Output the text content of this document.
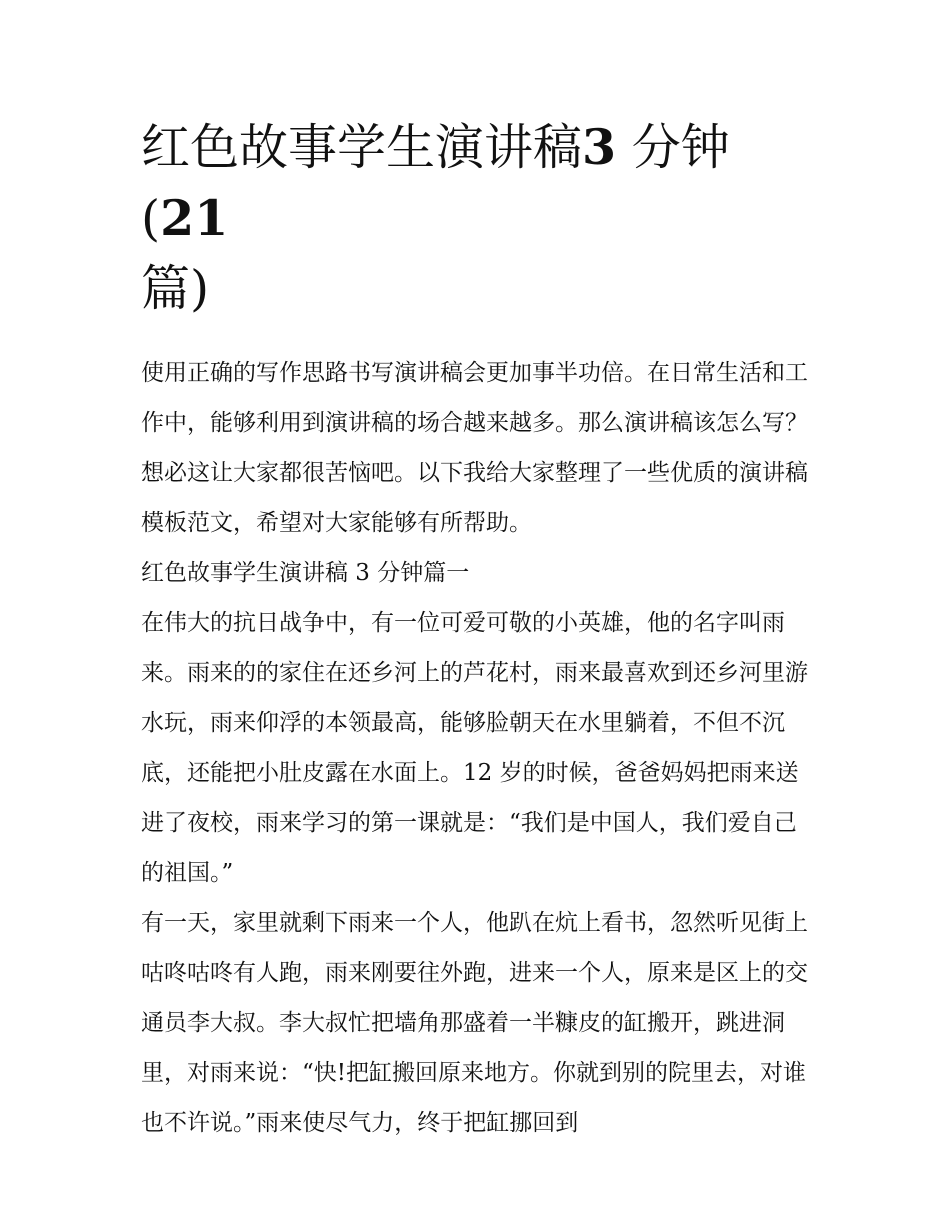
红色故事学生演讲稿3 分钟(21
篇)

使用正确的写作思路书写演讲稿会更加事半功倍。在日常生活和工作中，能够利用到演讲稿的场合越来越多。那么演讲稿该怎么写？想必这让大家都很苦恼吧。以下我给大家整理了一些优质的演讲稿模板范文，希望对大家能够有所帮助。

红色故事学生演讲稿 3 分钟篇一

在伟大的抗日战争中，有一位可爱可敬的小英雄，他的名字叫雨来。雨来的的家住在还乡河上的芦花村，雨来最喜欢到还乡河里游水玩，雨来仰浮的本领最高，能够脸朝天在水里躺着，不但不沉底，还能把小肚皮露在水面上。12 岁的时候，爸爸妈妈把雨来送进了夜校，雨来学习的第一课就是：“我们是中国人，我们爱自己的祖国。”

有一天，家里就剩下雨来一个人，他趴在炕上看书，忽然听见街上咕咚咕咚有人跑，雨来刚要往外跑，进来一个人，原来是区上的交通员李大叔。李大叔忙把墙角那盛着一半糠皮的缸搬开，跳进洞里，对雨来说：“快!把缸搬回原来地方。你就到别的院里去，对谁也不许说。”雨来使尽气力，终于把缸挪回到
